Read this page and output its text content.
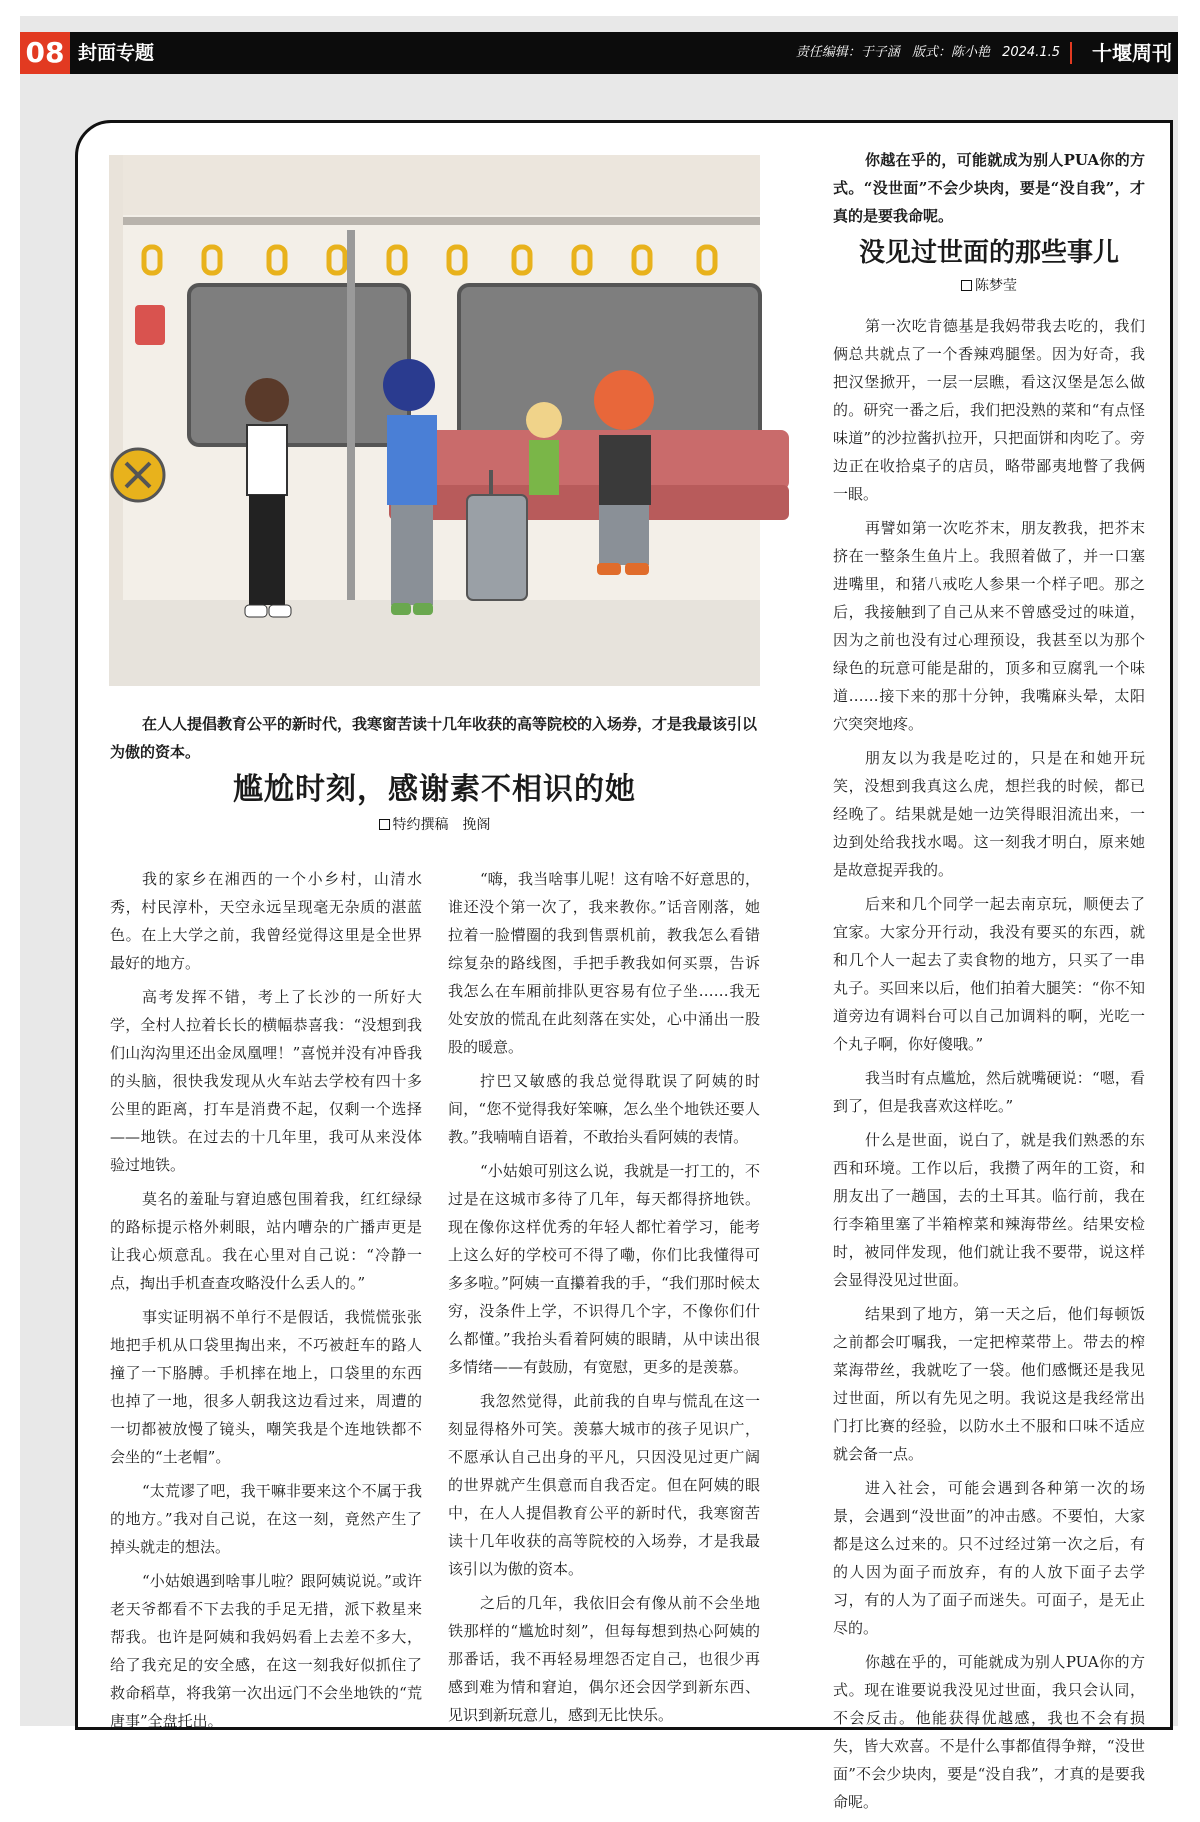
08 封面专题	责任编辑：于子涵 版式：陈小艳 2024.1.5 十堰周刊
在人人提倡教育公平的新时代，我寒窗苦读十几年收获的高等院校的入场券，才是我最该引以为傲的资本。
尴尬时刻，感谢素不相识的她
特约撰稿　挽阁

我的家乡在湘西的一个小乡村，山清水秀，村民淳朴，天空永远呈现毫无杂质的湛蓝色。在上大学之前，我曾经觉得这里是全世界最好的地方。

高考发挥不错，考上了长沙的一所好大学，全村人拉着长长的横幅恭喜我：“没想到我们山沟沟里还出金凤凰哩！”喜悦并没有冲昏我的头脑，很快我发现从火车站去学校有四十多公里的距离，打车是消费不起，仅剩一个选择——地铁。在过去的十几年里，我可从来没体验过地铁。

莫名的羞耻与窘迫感包围着我，红红绿绿的路标提示格外刺眼，站内嘈杂的广播声更是让我心烦意乱。我在心里对自己说：“冷静一点，掏出手机查查攻略没什么丢人的。”

事实证明祸不单行不是假话，我慌慌张张地把手机从口袋里掏出来，不巧被赶车的路人撞了一下胳膊。手机摔在地上，口袋里的东西也掉了一地，很多人朝我这边看过来，周遭的一切都被放慢了镜头，嘲笑我是个连地铁都不会坐的“土老帽”。

“太荒谬了吧，我干嘛非要来这个不属于我的地方。”我对自己说，在这一刻，竟然产生了掉头就走的想法。

“小姑娘遇到啥事儿啦？跟阿姨说说。”或许老天爷都看不下去我的手足无措，派下救星来帮我。也许是阿姨和我妈妈看上去差不多大，给了我充足的安全感，在这一刻我好似抓住了救命稻草，将我第一次出远门不会坐地铁的“荒唐事”全盘托出。

“嗨，我当啥事儿呢！这有啥不好意思的，谁还没个第一次了，我来教你。”话音刚落，她拉着一脸懵圈的我到售票机前，教我怎么看错综复杂的路线图，手把手教我如何买票，告诉我怎么在车厢前排队更容易有位子坐……我无处安放的慌乱在此刻落在实处，心中涌出一股股的暖意。

拧巴又敏感的我总觉得耽误了阿姨的时间，“您不觉得我好笨嘛，怎么坐个地铁还要人教。”我喃喃自语着，不敢抬头看阿姨的表情。

“小姑娘可别这么说，我就是一打工的，不过是在这城市多待了几年，每天都得挤地铁。现在像你这样优秀的年轻人都忙着学习，能考上这么好的学校可不得了嘞，你们比我懂得可多多啦。”阿姨一直攥着我的手，“我们那时候太穷，没条件上学，不识得几个字，不像你们什么都懂。”我抬头看着阿姨的眼睛，从中读出很多情绪——有鼓励，有宽慰，更多的是羡慕。

我忽然觉得，此前我的自卑与慌乱在这一刻显得格外可笑。羡慕大城市的孩子见识广，不愿承认自己出身的平凡，只因没见过更广阔的世界就产生俱意而自我否定。但在阿姨的眼中，在人人提倡教育公平的新时代，我寒窗苦读十几年收获的高等院校的入场券，才是我最该引以为傲的资本。

之后的几年，我依旧会有像从前不会坐地铁那样的“尴尬时刻”，但每每想到热心阿姨的那番话，我不再轻易埋怨否定自己，也很少再感到难为情和窘迫，偶尔还会因学到新东西、见识到新玩意儿，感到无比快乐。

你越在乎的，可能就成为别人PUA你的方式。“没世面”不会少块肉，要是“没自我”，才真的是要我命呢。
没见过世面的那些事儿
陈梦莹

第一次吃肯德基是我妈带我去吃的，我们俩总共就点了一个香辣鸡腿堡。因为好奇，我把汉堡掀开，一层一层瞧，看这汉堡是怎么做的。研究一番之后，我们把没熟的菜和“有点怪味道”的沙拉酱扒拉开，只把面饼和肉吃了。旁边正在收拾桌子的店员，略带鄙夷地瞥了我俩一眼。

再譬如第一次吃芥末，朋友教我，把芥末挤在一整条生鱼片上。我照着做了，并一口塞进嘴里，和猪八戒吃人参果一个样子吧。那之后，我接触到了自己从来不曾感受过的味道，因为之前也没有过心理预设，我甚至以为那个绿色的玩意可能是甜的，顶多和豆腐乳一个味道……接下来的那十分钟，我嘴麻头晕，太阳穴突突地疼。

朋友以为我是吃过的，只是在和她开玩笑，没想到我真这么虎，想拦我的时候，都已经晚了。结果就是她一边笑得眼泪流出来，一边到处给我找水喝。这一刻我才明白，原来她是故意捉弄我的。

后来和几个同学一起去南京玩，顺便去了宜家。大家分开行动，我没有要买的东西，就和几个人一起去了卖食物的地方，只买了一串丸子。买回来以后，他们拍着大腿笑：“你不知道旁边有调料台可以自己加调料的啊，光吃一个丸子啊，你好傻哦。”

我当时有点尴尬，然后就嘴硬说：“嗯，看到了，但是我喜欢这样吃。”

什么是世面，说白了，就是我们熟悉的东西和环境。工作以后，我攒了两年的工资，和朋友出了一趟国，去的土耳其。临行前，我在行李箱里塞了半箱榨菜和辣海带丝。结果安检时，被同伴发现，他们就让我不要带，说这样会显得没见过世面。

结果到了地方，第一天之后，他们每顿饭之前都会叮嘱我，一定把榨菜带上。带去的榨菜海带丝，我就吃了一袋。他们感慨还是我见过世面，所以有先见之明。我说这是我经常出门打比赛的经验，以防水土不服和口味不适应就会备一点。

进入社会，可能会遇到各种第一次的场景，会遇到“没世面”的冲击感。不要怕，大家都是这么过来的。只不过经过第一次之后，有的人因为面子而放弃，有的人放下面子去学习，有的人为了面子而迷失。可面子，是无止尽的。

你越在乎的，可能就成为别人PUA你的方式。现在谁要说我没见过世面，我只会认同，不会反击。他能获得优越感，我也不会有损失，皆大欢喜。不是什么事都值得争辩，“没世面”不会少块肉，要是“没自我”，才真的是要我命呢。
